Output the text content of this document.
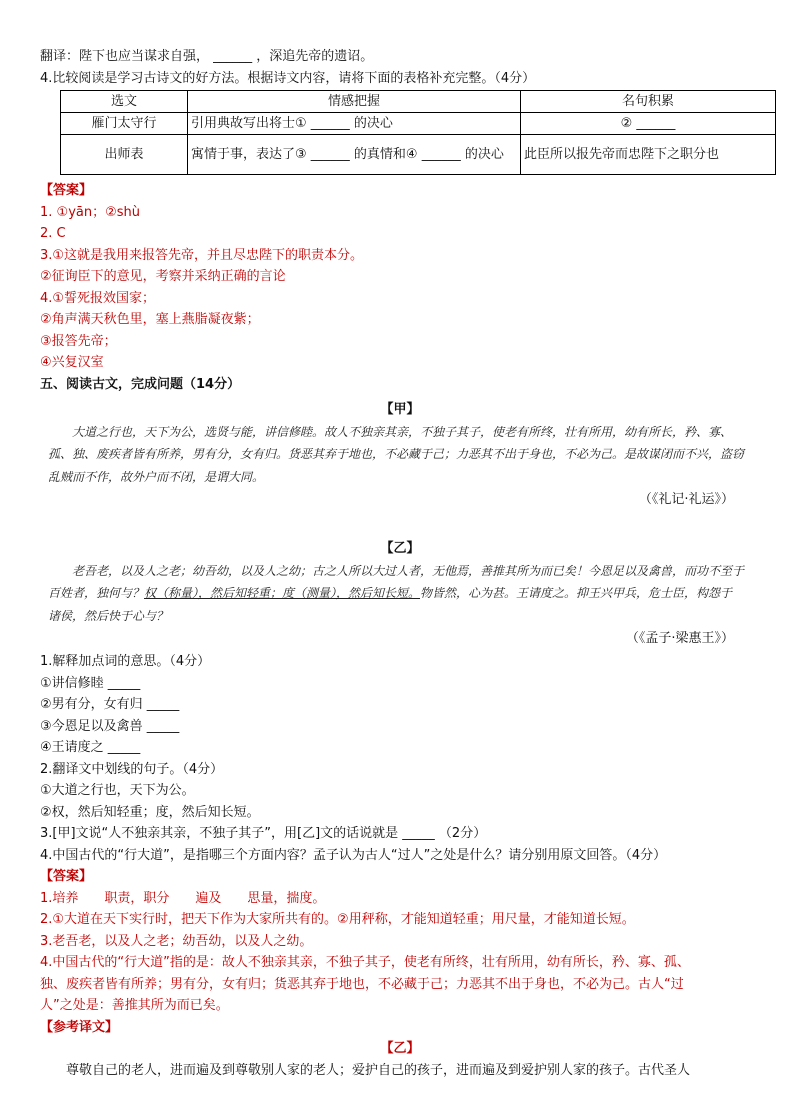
翻译：陛下也应当谋求自强， ______ ，深追先帝的遗诏。
4.比较阅读是学习古诗文的好方法。根据诗文内容，请将下面的表格补充完整。（4分）
选文	情感把握	名句积累
雁门太守行	引用典故写出将士① ______ 的决心	② ______
出师表	寓情于事，表达了③ ______ 的真情和④ ______ 的决心	此臣所以报先帝而忠陛下之职分也
【答案】
1. ①yān；②shù
2. C
3.①这就是我用来报答先帝，并且尽忠陛下的职责本分。
②征询臣下的意见，考察并采纳正确的言论
4.①誓死报效国家；
②角声满天秋色里，塞上燕脂凝夜紫；
③报答先帝；
④兴复汉室
五、阅读古文，完成问题（14分）
【甲】
大道之行也，天下为公，选贤与能，讲信修睦。故人不独亲其亲，不独子其子，使老有所终，壮有所用，幼有所长，矜、寡、孤、独、废疾者皆有所养，男有分，女有归。货恶其弃于地也，不必藏于己；力恶其不出于身也，不必为己。是故谋闭而不兴，盗窃乱贼而不作，故外户而不闭，是谓大同。
（《礼记·礼运》）
【乙】
老吾老，以及人之老；幼吾幼，以及人之幼；古之人所以大过人者，无他焉，善推其所为而已矣！今恩足以及禽兽，而功不至于百姓者，独何与？权（称量），然后知轻重；度（测量），然后知长短。物皆然，心为甚。王请度之。抑王兴甲兵，危士臣，构怨于诸侯，然后快于心与？
（《孟子·梁惠王》）
1.解释加点词的意思。（4分）
①讲信修睦 _____
②男有分，女有归 _____
③今恩足以及禽兽 _____
④王请度之 _____
2.翻译文中划线的句子。（4分）
①大道之行也，天下为公。
②权，然后知轻重；度，然后知长短。
3.[甲]文说“人不独亲其亲，不独子其子”，用[乙]文的话说就是 _____ （2分）
4.中国古代的“行大道”，是指哪三个方面内容？孟子认为古人“过人”之处是什么？请分别用原文回答。（4分）
【答案】
1.培养　　职责，职分　　遍及　　思量，揣度。
2.①大道在天下实行时，把天下作为大家所共有的。②用秤称，才能知道轻重；用尺量，才能知道长短。
3.老吾老，以及人之老；幼吾幼，以及人之幼。
4.中国古代的“行大道”指的是：故人不独亲其亲，不独子其子，使老有所终，壮有所用，幼有所长，矜、寡、孤、
独、废疾者皆有所养；男有分，女有归；货恶其弃于地也，不必藏于己；力恶其不出于身也，不必为己。古人“过
人”之处是：善推其所为而已矣。
【参考译文】
【乙】
尊敬自己的老人，进而遍及到尊敬别人家的老人；爱护自己的孩子，进而遍及到爱护别人家的孩子。古代圣人
